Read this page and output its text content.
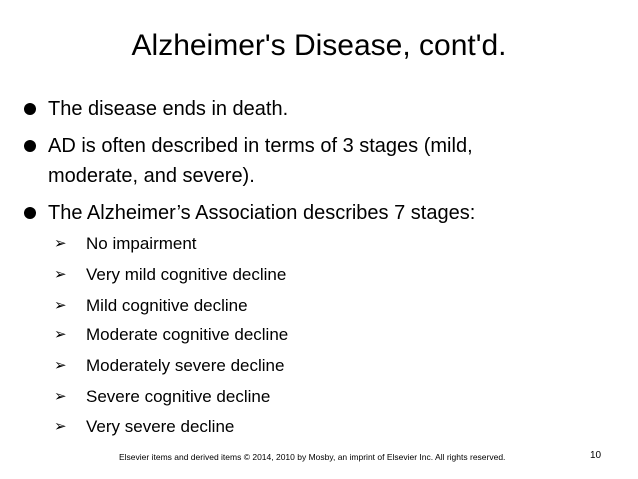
Alzheimer's Disease, cont'd.
The disease ends in death.
AD is often described in terms of 3 stages (mild,
moderate, and severe).
The Alzheimer’s Association describes 7 stages:
➢ No impairment
➢ Very mild cognitive decline
➢ Mild cognitive decline
➢ Moderate cognitive decline
➢ Moderately severe decline
➢ Severe cognitive decline
➢ Very severe decline
Elsevier items and derived items © 2014, 2010 by Mosby, an imprint of Elsevier Inc. All rights reserved.	10
